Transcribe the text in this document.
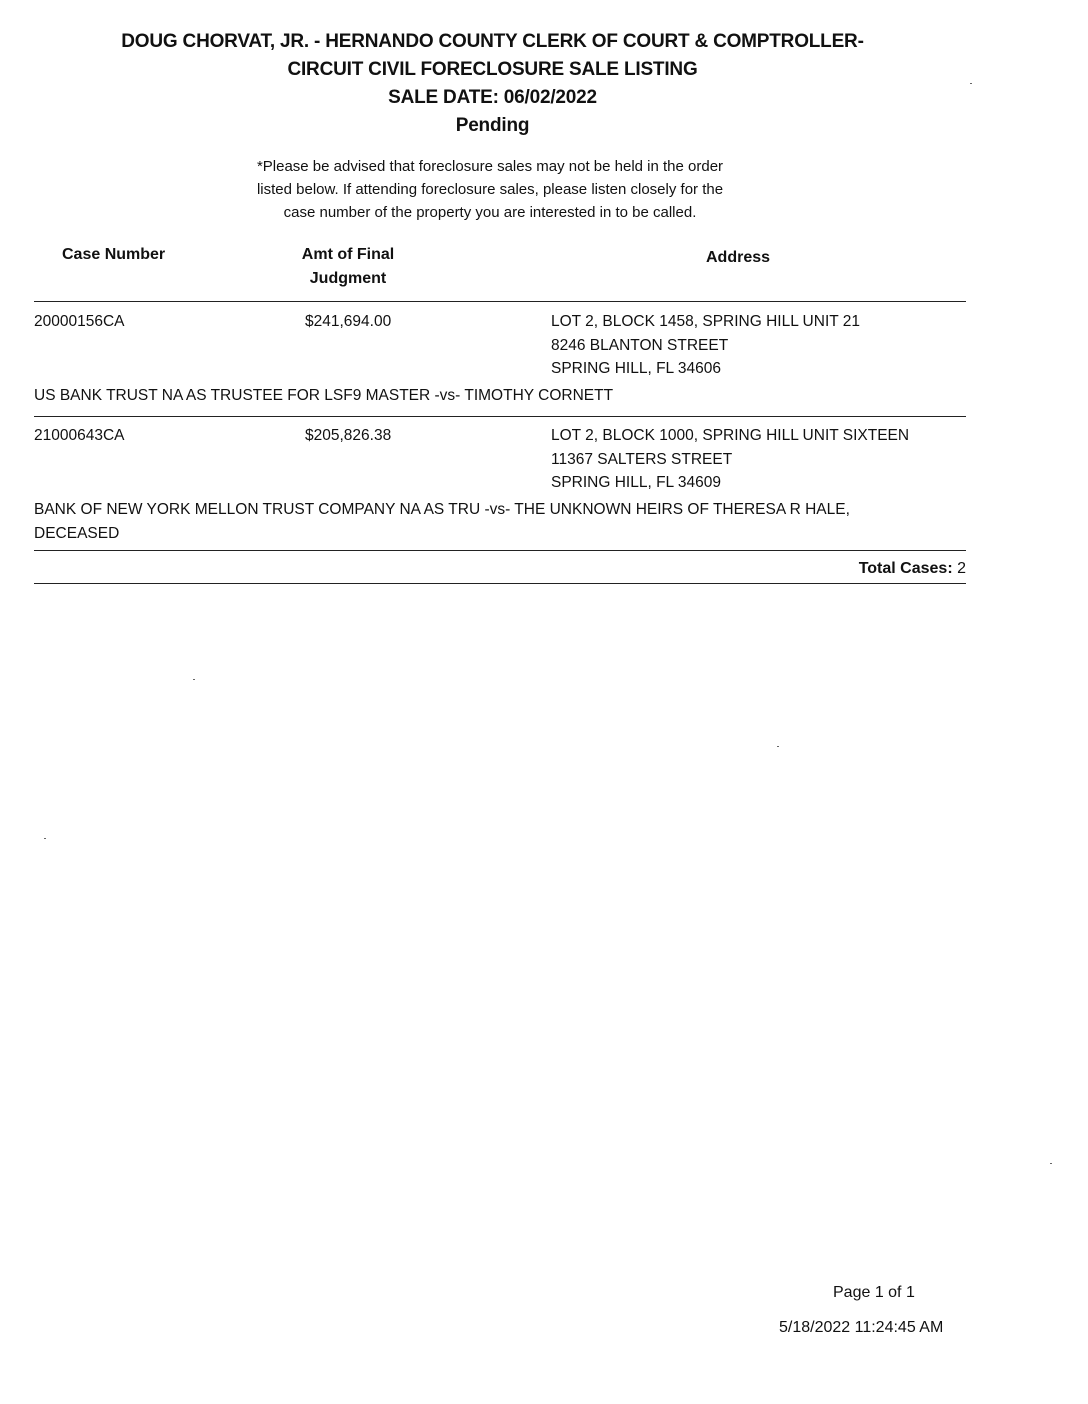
DOUG CHORVAT, JR. - HERNANDO COUNTY CLERK OF COURT & COMPTROLLER-
CIRCUIT CIVIL FORECLOSURE SALE LISTING
SALE DATE: 06/02/2022
Pending
*Please be advised that foreclosure sales may not be held in the order
listed below. If attending foreclosure sales, please listen closely for the
case number of the property you are interested in to be called.
Case Number	Amt of Final
Judgment
Address
20000156CA	$241,694.00	LOT 2, BLOCK 1458, SPRING HILL UNIT 21
8246 BLANTON STREET
SPRING HILL, FL 34606
US BANK TRUST NA AS TRUSTEE FOR LSF9 MASTER -vs- TIMOTHY CORNETT
21000643CA	$205,826.38	LOT 2, BLOCK 1000, SPRING HILL UNIT SIXTEEN
11367 SALTERS STREET
SPRING HILL, FL 34609
BANK OF NEW YORK MELLON TRUST COMPANY NA AS TRU -vs- THE UNKNOWN HEIRS OF THERESA R HALE, DECEASED
Total Cases: 2
Page 1 of 1
5/18/2022 11:24:45 AM
